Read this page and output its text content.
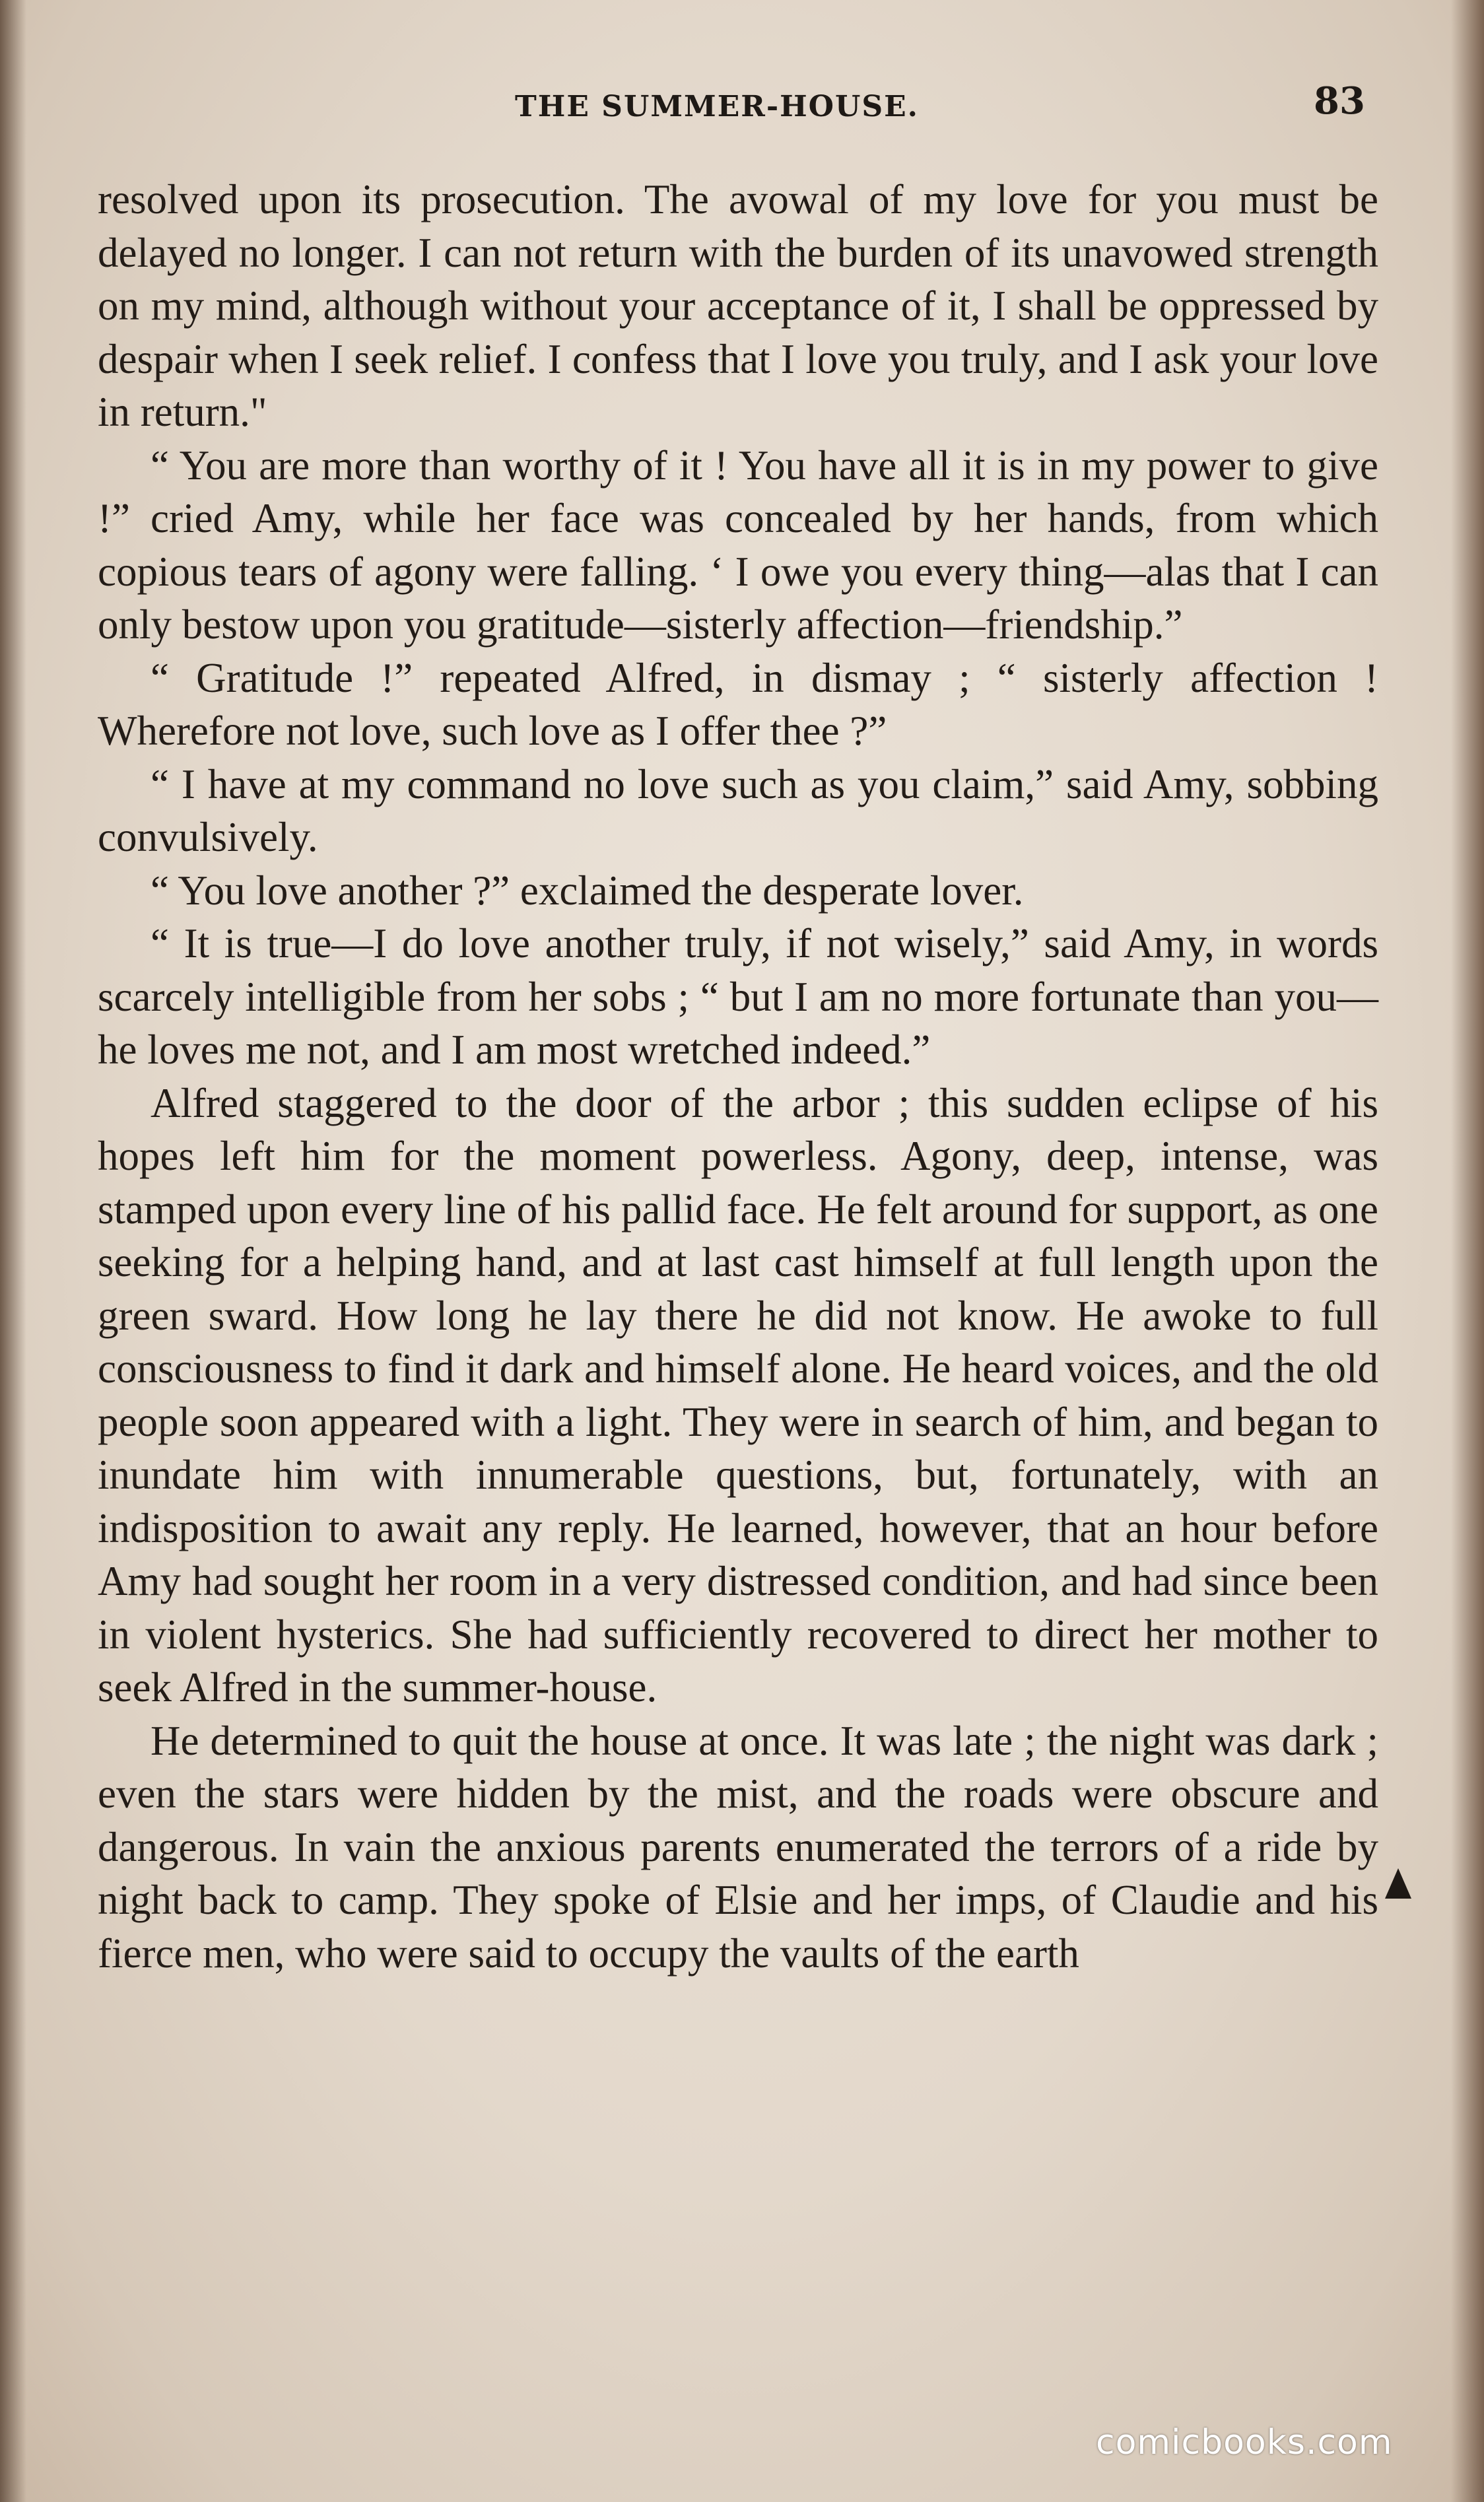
THE SUMMER-HOUSE.	83

resolved upon its prosecution. The avowal of my love for you must be delayed no longer. I can not return with the burden of its unavowed strength on my mind, although without your acceptance of it, I shall be oppressed by despair when I seek relief. I confess that I love you truly, and I ask your love in return."

“ You are more than worthy of it ! You have all it is in my power to give !” cried Amy, while her face was concealed by her hands, from which copious tears of agony were falling. ‘ I owe you every thing—alas that I can only bestow upon you gratitude—sisterly affection—friendship.”

“ Gratitude !” repeated Alfred, in dismay ; “ sisterly affection ! Wherefore not love, such love as I offer thee ?”

“ I have at my command no love such as you claim,” said Amy, sobbing convulsively.

“ You love another ?” exclaimed the desperate lover.

“ It is true—I do love another truly, if not wisely,” said Amy, in words scarcely intelligible from her sobs ; “ but I am no more fortunate than you—he loves me not, and I am most wretched indeed.”

Alfred staggered to the door of the arbor ; this sudden eclipse of his hopes left him for the moment powerless. Agony, deep, intense, was stamped upon every line of his pallid face. He felt around for support, as one seeking for a helping hand, and at last cast himself at full length upon the green sward. How long he lay there he did not know. He awoke to full consciousness to find it dark and himself alone. He heard voices, and the old people soon appeared with a light. They were in search of him, and began to inundate him with innumerable questions, but, fortunately, with an indisposition to await any reply. He learned, however, that an hour before Amy had sought her room in a very distressed condition, and had since been in violent hysterics. She had sufficiently recovered to direct her mother to seek Alfred in the summer-house.

He determined to quit the house at once. It was late ; the night was dark ; even the stars were hidden by the mist, and the roads were obscure and dangerous. In vain the anxious parents enumerated the terrors of a ride by night back to camp. They spoke of Elsie and her imps, of Claudie and his fierce men, who were said to occupy the vaults of the earth

comicbooks.com
